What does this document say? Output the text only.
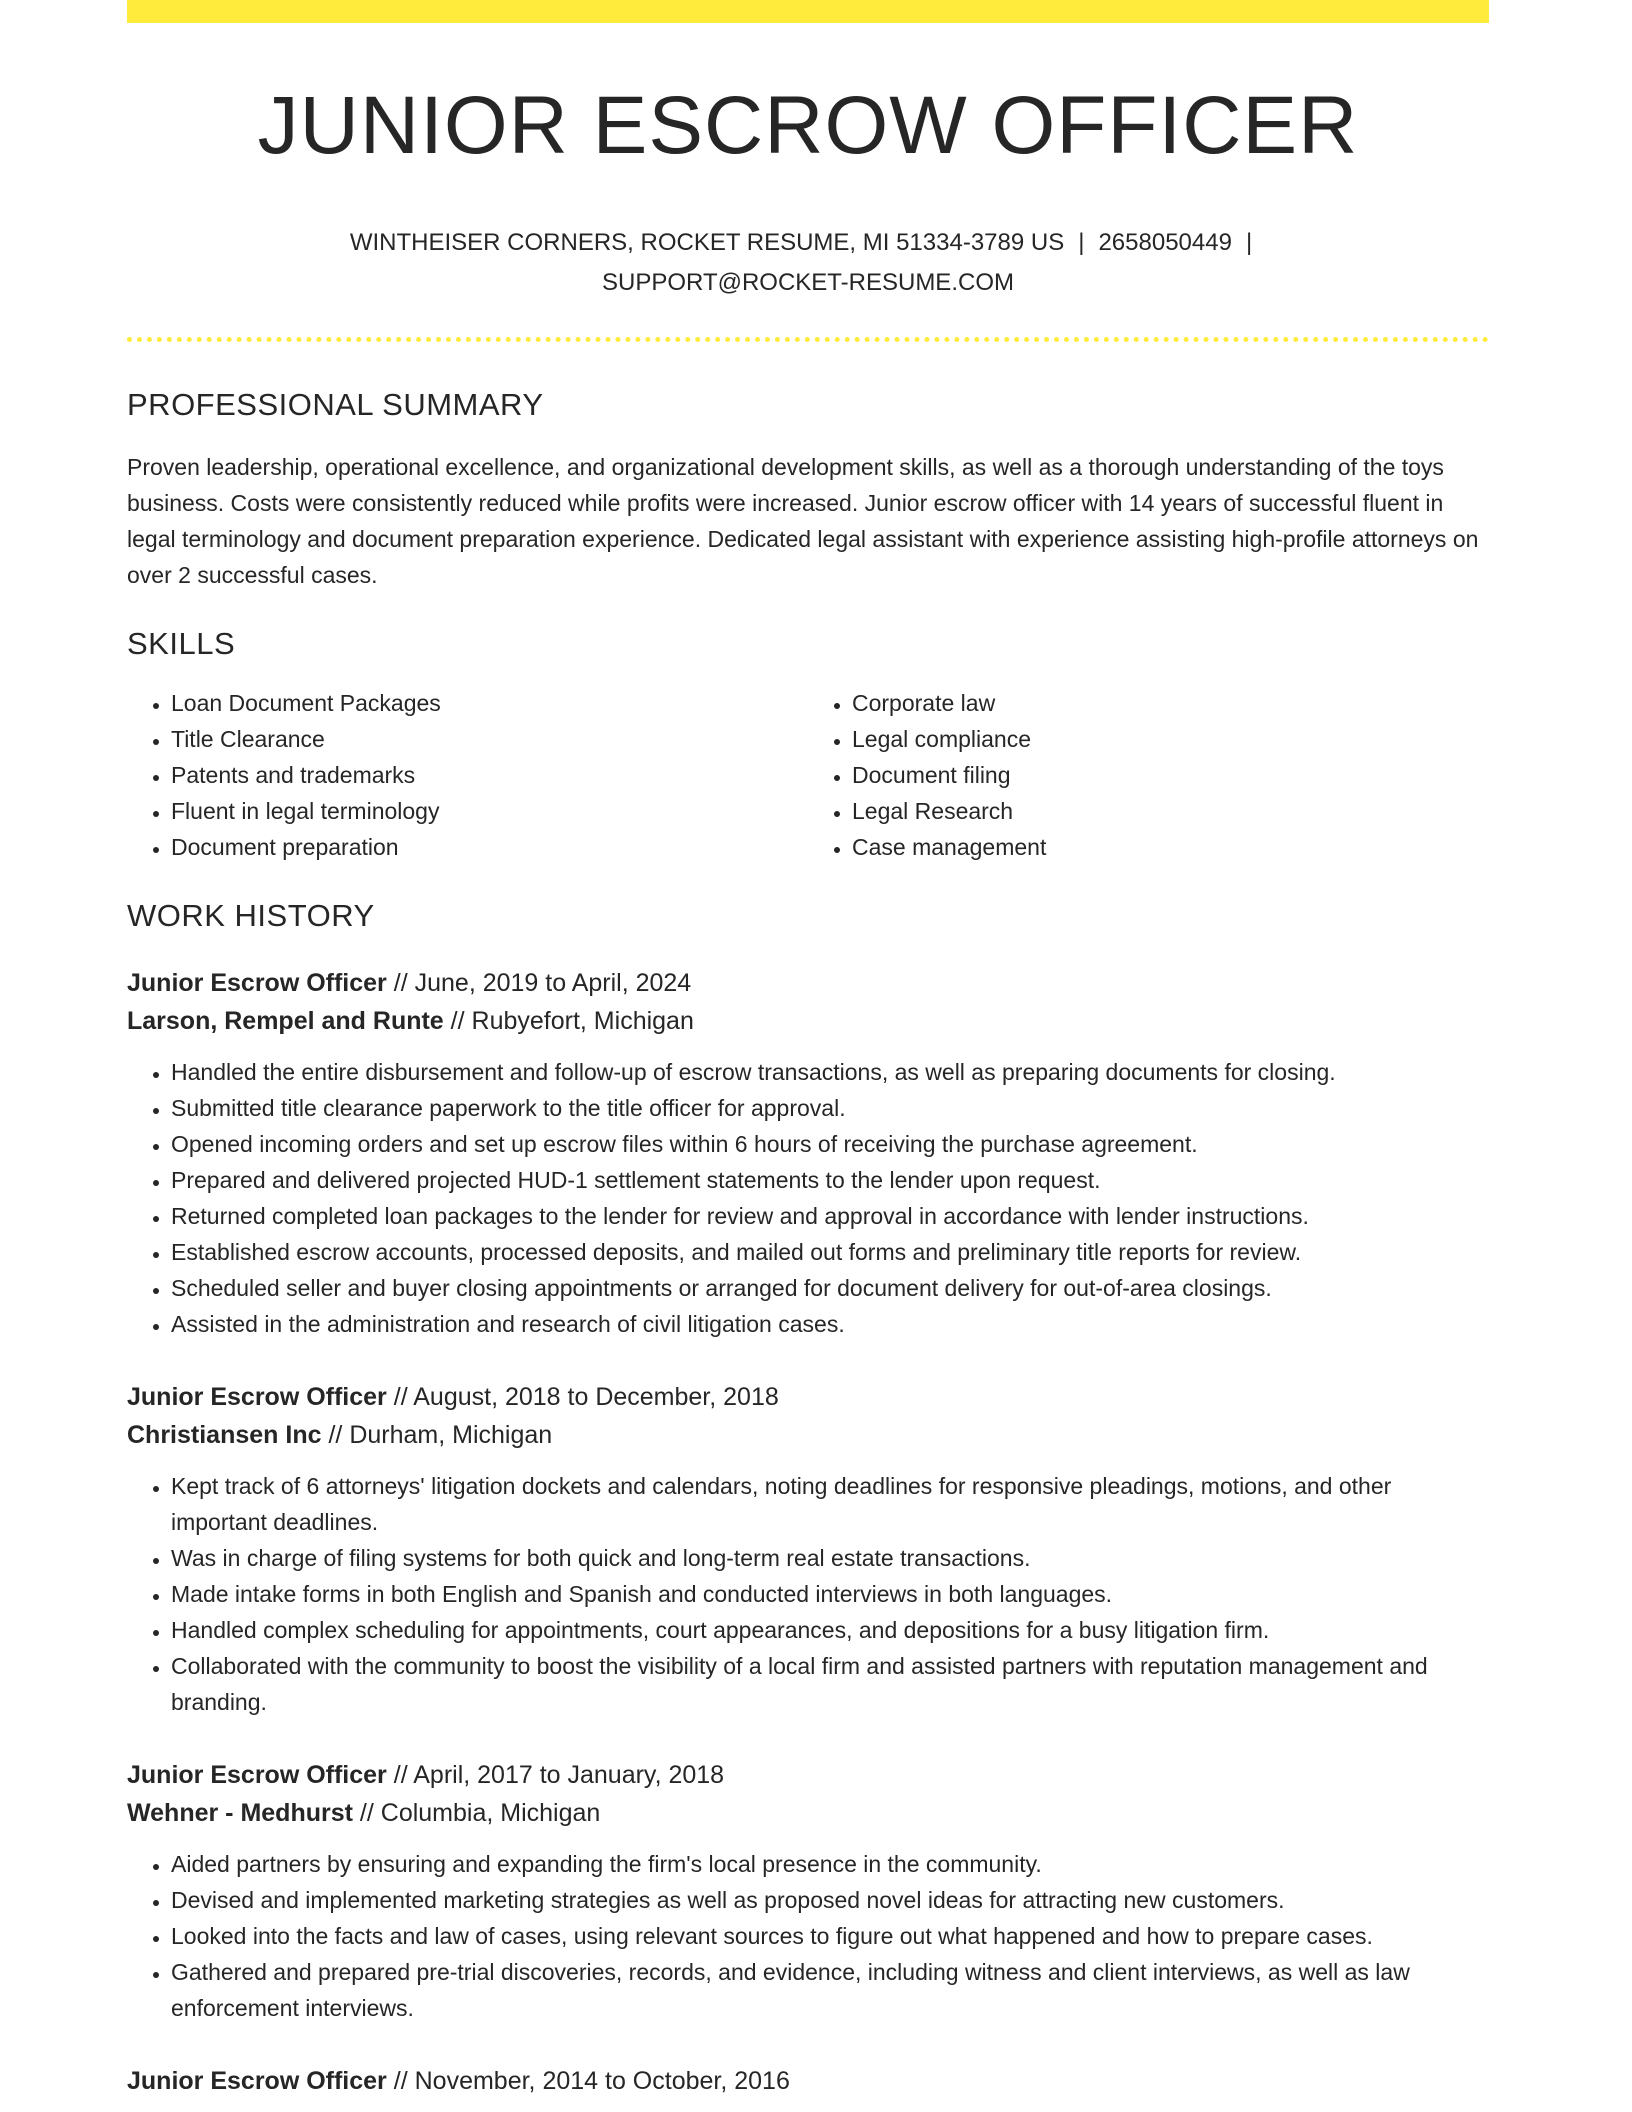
JUNIOR ESCROW OFFICER
WINTHEISER CORNERS, ROCKET RESUME, MI 51334-3789 US | 2658050449 |
SUPPORT@ROCKET-RESUME.COM
PROFESSIONAL SUMMARY
Proven leadership, operational excellence, and organizational development skills, as well as a thorough understanding of the toys business. Costs were consistently reduced while profits were increased. Junior escrow officer with 14 years of successful fluent in legal terminology and document preparation experience. Dedicated legal assistant with experience assisting high-profile attorneys on over 2 successful cases.
SKILLS
• Loan Document Packages
• Title Clearance
• Patents and trademarks
• Fluent in legal terminology
• Document preparation
• Corporate law
• Legal compliance
• Document filing
• Legal Research
• Case management
WORK HISTORY
Junior Escrow Officer // June, 2019 to April, 2024
Larson, Rempel and Runte // Rubyefort, Michigan
• Handled the entire disbursement and follow-up of escrow transactions, as well as preparing documents for closing.
• Submitted title clearance paperwork to the title officer for approval.
• Opened incoming orders and set up escrow files within 6 hours of receiving the purchase agreement.
• Prepared and delivered projected HUD-1 settlement statements to the lender upon request.
• Returned completed loan packages to the lender for review and approval in accordance with lender instructions.
• Established escrow accounts, processed deposits, and mailed out forms and preliminary title reports for review.
• Scheduled seller and buyer closing appointments or arranged for document delivery for out-of-area closings.
• Assisted in the administration and research of civil litigation cases.
Junior Escrow Officer // August, 2018 to December, 2018
Christiansen Inc // Durham, Michigan
• Kept track of 6 attorneys' litigation dockets and calendars, noting deadlines for responsive pleadings, motions, and other important deadlines.
• Was in charge of filing systems for both quick and long-term real estate transactions.
• Made intake forms in both English and Spanish and conducted interviews in both languages.
• Handled complex scheduling for appointments, court appearances, and depositions for a busy litigation firm.
• Collaborated with the community to boost the visibility of a local firm and assisted partners with reputation management and branding.
Junior Escrow Officer // April, 2017 to January, 2018
Wehner - Medhurst // Columbia, Michigan
• Aided partners by ensuring and expanding the firm's local presence in the community.
• Devised and implemented marketing strategies as well as proposed novel ideas for attracting new customers.
• Looked into the facts and law of cases, using relevant sources to figure out what happened and how to prepare cases.
• Gathered and prepared pre-trial discoveries, records, and evidence, including witness and client interviews, as well as law enforcement interviews.
Junior Escrow Officer // November, 2014 to October, 2016
